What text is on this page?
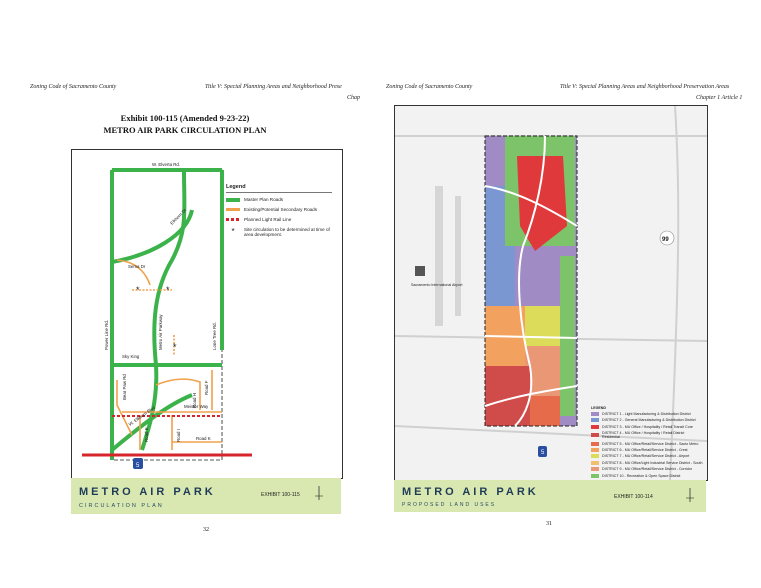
Zoning Code of Sacramento County	Title V: Special Planning Areas and Neighborhood Prese
Chap
Exhibit 100-115 (Amended 9-23-22)
METRO AIR PARK CIRCULATION PLAN
*	*
*
5
W. Elverta Rd.
Sema Dr
Sky King
Meister Way
Road K
Power Line Rd.	Metro Air Parkway	Lone Tree Rd.
Elkhorn Dr
Bear Paw Rd
W. Elkhorn Blvd
Road E	Road I
Road H
Road F
Legend
Master Plan Roads
Existing/Potential Secondary Roads
Planned Light Rail Line
*	Site circulation to be determined at time of area development.
METRO AIR PARK
CIRCULATION PLAN
EXHIBIT 100-115
32
Zoning Code of Sacramento County	Title V: Special Planning Areas and Neighborhood Preservation Areas
Chapter 1 Article 1
5
99
Sacramento International Airport
LEGEND
DISTRICT 1 - Light Manufacturing & Distribution District
DISTRICT 2 - General Manufacturing & Distribution District
DISTRICT 3 - MU Office / Hospitality / Retail Transit Core
DISTRICT 4 - MU Office / Hospitality / Retail District Residential
DISTRICT 5 - MU Office/Retail/Service District - Sacto Metro
DISTRICT 6 - MU Office/Retail/Service District - Crest
DISTRICT 7 - MU Office/Retail/Service District - Airport
DISTRICT 8 - MU Office/Light Industrial Service District - South
DISTRICT 9 - MU Office/Retail/Service District - Corridor
DISTRICT 10 - Recreation & Open Space District
METRO AIR PARK
PROPOSED LAND USES
EXHIBIT 100-114
31
